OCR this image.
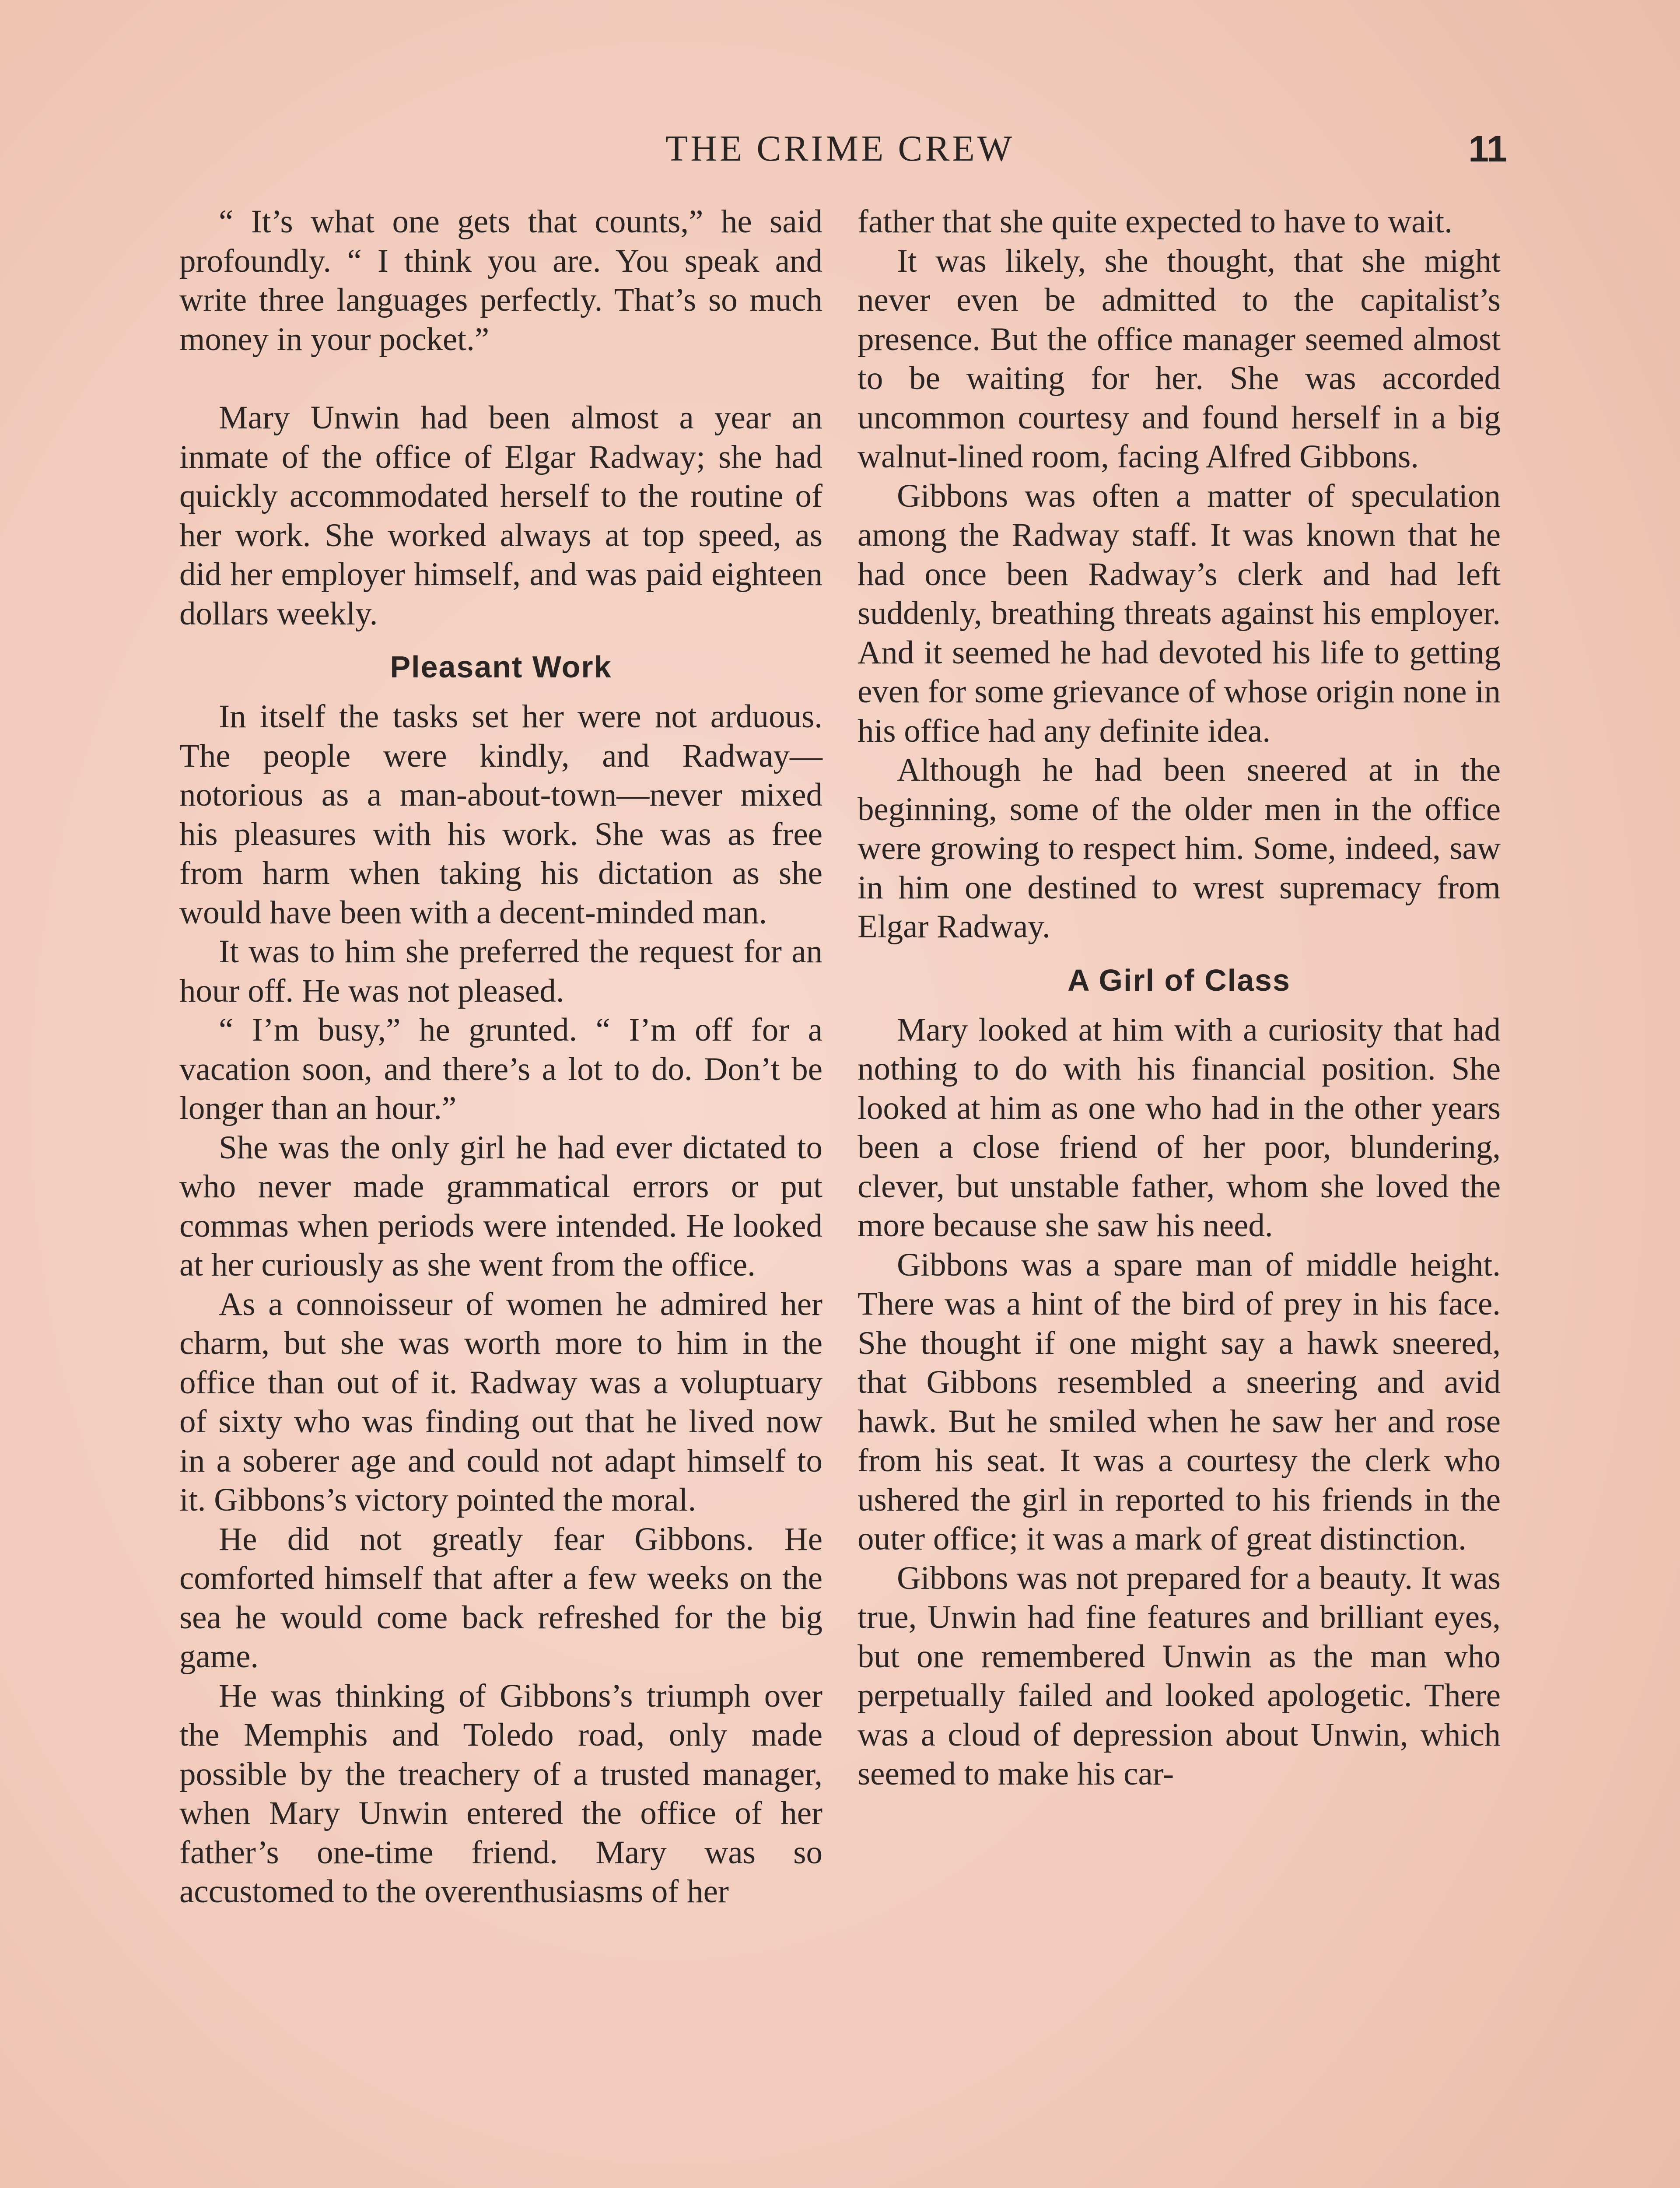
THE CRIME CREW	11

“ It’s what one gets that counts,” he said profoundly. “ I think you are. You speak and write three languages perfectly. That’s so much money in your pocket.”

Mary Unwin had been almost a year an inmate of the office of Elgar Radway; she had quickly accommodated herself to the routine of her work. She worked always at top speed, as did her employer himself, and was paid eighteen dollars weekly.

Pleasant Work

In itself the tasks set her were not arduous. The people were kindly, and Radway—notorious as a man-about-town—never mixed his pleasures with his work. She was as free from harm when taking his dictation as she would have been with a decent-minded man.

It was to him she preferred the request for an hour off. He was not pleased.

“ I’m busy,” he grunted. “ I’m off for a vacation soon, and there’s a lot to do. Don’t be longer than an hour.”

She was the only girl he had ever dictated to who never made grammatical errors or put commas when periods were intended. He looked at her curiously as she went from the office.

As a connoisseur of women he admired her charm, but she was worth more to him in the office than out of it. Radway was a voluptuary of sixty who was finding out that he lived now in a soberer age and could not adapt himself to it. Gibbons’s victory pointed the moral.

He did not greatly fear Gibbons. He comforted himself that after a few weeks on the sea he would come back refreshed for the big game.

He was thinking of Gibbons’s triumph over the Memphis and Toledo road, only made possible by the treachery of a trusted manager, when Mary Unwin entered the office of her father’s one-time friend. Mary was so accustomed to the overenthusiasms of her

father that she quite expected to have to wait.

It was likely, she thought, that she might never even be admitted to the capitalist’s presence. But the office manager seemed almost to be waiting for her. She was accorded uncommon courtesy and found herself in a big walnut-lined room, facing Alfred Gibbons.

Gibbons was often a matter of speculation among the Radway staff. It was known that he had once been Radway’s clerk and had left suddenly, breathing threats against his employer. And it seemed he had devoted his life to getting even for some grievance of whose origin none in his office had any definite idea.

Although he had been sneered at in the beginning, some of the older men in the office were growing to respect him. Some, indeed, saw in him one destined to wrest supremacy from Elgar Radway.

A Girl of Class

Mary looked at him with a curiosity that had nothing to do with his financial position. She looked at him as one who had in the other years been a close friend of her poor, blundering, clever, but unstable father, whom she loved the more because she saw his need.

Gibbons was a spare man of middle height. There was a hint of the bird of prey in his face. She thought if one might say a hawk sneered, that Gibbons resembled a sneering and avid hawk. But he smiled when he saw her and rose from his seat. It was a courtesy the clerk who ushered the girl in reported to his friends in the outer office; it was a mark of great distinction.

Gibbons was not prepared for a beauty. It was true, Unwin had fine features and brilliant eyes, but one remembered Unwin as the man who perpetually failed and looked apologetic. There was a cloud of depression about Unwin, which seemed to make his car-
